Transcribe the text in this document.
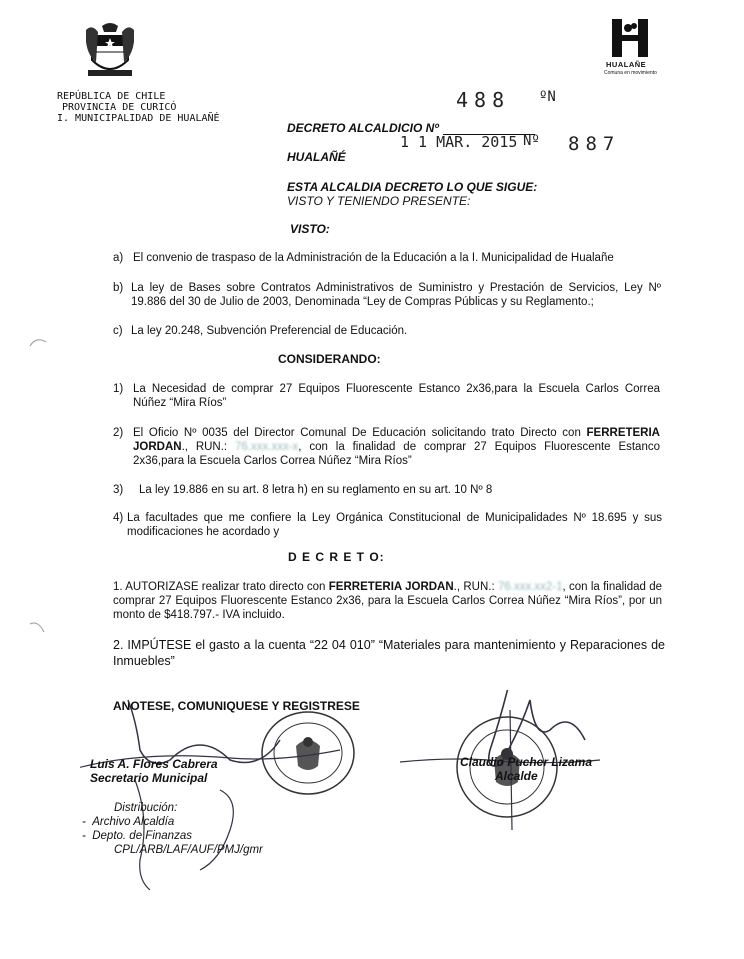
REPÚBLICA DE CHILE
PROVINCIA DE CURICÓ
I. MUNICIPALIDAD DE HUALAÑÉ
HUALAÑE
Comuna en movimiento
488 ºN
DECRETO ALCALDICIO Nº
1 1 MAR. 2015 Nº 887
HUALAÑÉ
ESTA ALCALDIA DECRETO LO QUE SIGUE:
VISTO Y TENIENDO PRESENTE:
VISTO:
a) El convenio de traspaso de la Administración de la Educación a la I. Municipalidad de Hualañe
b) La ley de Bases sobre Contratos Administrativos de Suministro y Prestación de Servicios, Ley Nº 19.886 del 30 de Julio de 2003, Denominada “Ley de Compras Públicas y su Reglamento.;
c) La ley 20.248, Subvención Preferencial de Educación.
CONSIDERANDO:
1) La Necesidad de comprar 27 Equipos Fluorescente Estanco 2x36,para la Escuela Carlos Correa Núñez “Mira Ríos”
2) El Oficio Nº 0035 del Director Comunal De Educación solicitando trato Directo con FERRETERIA JORDAN., RUN.: 76.xxx.xxx-x, con la finalidad de comprar 27 Equipos Fluorescente Estanco 2x36,para la Escuela Carlos Correa Núñez “Mira Ríos”
3) La ley 19.886 en su art. 8 letra h) en su reglamento en su art. 10 Nº 8
4) La facultades que me confiere la Ley Orgánica Constitucional de Municipalidades Nº 18.695 y sus modificaciones he acordado y
D E C R E T O:
1. AUTORIZASE realizar trato directo con FERRETERIA JORDAN., RUN.: 76.xxx.xx2-1, con la finalidad de comprar 27 Equipos Fluorescente Estanco 2x36, para la Escuela Carlos Correa Núñez “Mira Ríos”, por un monto de $418.797.- IVA incluido.
2. IMPÚTESE el gasto a la cuenta “22 04 010” “Materiales para mantenimiento y Reparaciones de Inmuebles”
ANOTESE, COMUNIQUESE Y REGISTRESE
Luis A. Flores Cabrera
Secretario Municipal
Claudio Pucher Lizama
Alcalde
Distribución:
-  Archivo Alcaldía
-  Depto. de Finanzas
CPL/ARB/LAF/AUF/PMJ/gmr
